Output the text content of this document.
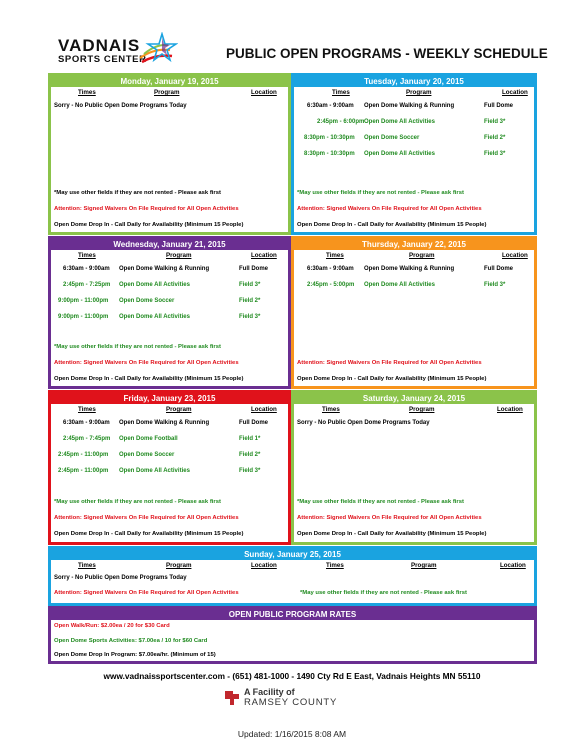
VADNAIS
SPORTS CENTER	PUBLIC OPEN PROGRAMS - WEEKLY SCHEDULE
Monday, January 19, 2015
Times	Program	Location
Sorry - No Public Open Dome Programs Today
*May use other fields if they are not rented - Please ask first
Attention: Signed Waivers On File Required for All Open Activities
Open Dome Drop In - Call Daily for Availability (Minimum 15 People)
Tuesday, January 20, 2015
Times	Program	Location
6:30am - 9:00am Open Dome Walking & Running	Full Dome
2:45pm - 6:00pm Open Dome All Activities	Field 3*
8:30pm - 10:30pm Open Dome Soccer	Field 2*
8:30pm - 10:30pm Open Dome All Activities	Field 3*
*May use other fields if they are not rented - Please ask first
Attention: Signed Waivers On File Required for All Open Activities
Open Dome Drop In - Call Daily for Availability (Minimum 15 People)
Wednesday, January 21, 2015
Times	Program	Location
6:30am - 9:00am Open Dome Walking & Running	Full Dome
2:45pm - 7:25pm Open Dome All Activities	Field 3*
9:00pm - 11:00pm Open Dome Soccer	Field 2*
9:00pm - 11:00pm Open Dome All Activities	Field 3*
*May use other fields if they are not rented - Please ask first
Attention: Signed Waivers On File Required for All Open Activities
Open Dome Drop In - Call Daily for Availability (Minimum 15 People)
Thursday, January 22, 2015
Times	Program	Location
6:30am - 9:00am Open Dome Walking & Running	Full Dome
2:45pm - 5:00pm Open Dome All Activities	Field 3*
Attention: Signed Waivers On File Required for All Open Activities
Open Dome Drop In - Call Daily for Availability (Minimum 15 People)
Friday, January 23, 2015
Times	Program	Location
6:30am - 9:00am Open Dome Walking & Running	Full Dome
2:45pm - 7:45pm Open Dome Football	Field 1*
2:45pm - 11:00pm Open Dome Soccer	Field 2*
2:45pm - 11:00pm Open Dome All Activities	Field 3*
*May use other fields if they are not rented - Please ask first
Attention: Signed Waivers On File Required for All Open Activities
Open Dome Drop In - Call Daily for Availability (Minimum 15 People)
Saturday, January 24, 2015
Times	Program	Location
Sorry - No Public Open Dome Programs Today
*May use other fields if they are not rented - Please ask first
Attention: Signed Waivers On File Required for All Open Activities
Open Dome Drop In - Call Daily for Availability (Minimum 15 People)
Sunday, January 25, 2015
Times	Program	Location	Times	Program	Location
Sorry - No Public Open Dome Programs Today
Attention: Signed Waivers On File Required for All Open Activities	*May use other fields if they are not rented - Please ask first
OPEN PUBLIC PROGRAM RATES
Open Walk/Run: $2.00ea / 20 for $30 Card
Open Dome Sports Activities: $7.00ea / 10 for $60 Card
Open Dome Drop In Program: $7.00ea/hr. (Minimum of 15)
www.vadnaissportscenter.com - (651) 481-1000 - 1490 Cty Rd E East, Vadnais Heights MN 55110
A Facility of
RAMSEY COUNTY
Updated: 1/16/2015 8:08 AM
